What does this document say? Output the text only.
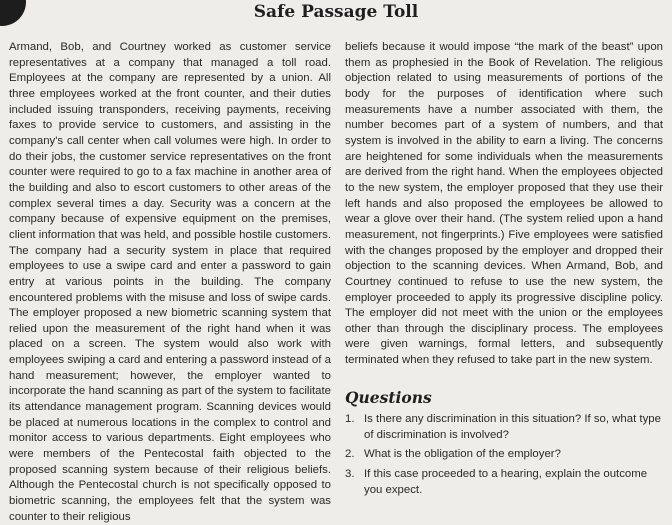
Safe Passage Toll

Armand, Bob, and Courtney worked as customer service representatives at a company that managed a toll road. Employees at the company are represented by a union. All three employees worked at the front counter, and their duties included issuing transponders, receiving payments, receiving faxes to provide service to customers, and assisting in the company's call center when call volumes were high. In order to do their jobs, the customer service representatives on the front counter were required to go to a fax machine in another area of the building and also to escort customers to other areas of the complex several times a day. Security was a concern at the company because of expensive equipment on the premises, client information that was held, and possible hostile customers. The company had a security system in place that required employees to use a swipe card and enter a password to gain entry at various points in the building. The company encountered problems with the misuse and loss of swipe cards. The employer proposed a new biometric scanning system that relied upon the measurement of the right hand when it was placed on a screen. The system would also work with employees swiping a card and entering a password instead of a hand measurement; however, the employer wanted to incorporate the hand scanning as part of the system to facilitate its attendance management program. Scanning devices would be placed at numerous locations in the complex to control and monitor access to various departments. Eight employees who were members of the Pentecostal faith objected to the proposed scanning system because of their religious beliefs. Although the Pentecostal church is not specifically opposed to biometric scanning, the employees felt that the system was counter to their religious

beliefs because it would impose “the mark of the beast” upon them as prophesied in the Book of Revelation. The religious objection related to using measurements of portions of the body for the purposes of identification where such measurements have a number associated with them, the number becomes part of a system of numbers, and that system is involved in the ability to earn a living. The concerns are heightened for some individuals when the measurements are derived from the right hand. When the employees objected to the new system, the employer proposed that they use their left hands and also proposed the employees be allowed to wear a glove over their hand. (The system relied upon a hand measurement, not fingerprints.) Five employees were satisfied with the changes proposed by the employer and dropped their objection to the scanning devices. When Armand, Bob, and Courtney continued to refuse to use the new system, the employer proceeded to apply its progressive discipline policy. The employer did not meet with the union or the employees other than through the disciplinary process. The employees were given warnings, formal letters, and subsequently terminated when they refused to take part in the new system.

Questions
1. Is there any discrimination in this situation? If so, what type of discrimination is involved?
2. What is the obligation of the employer?
3. If this case proceeded to a hearing, explain the outcome you expect.
